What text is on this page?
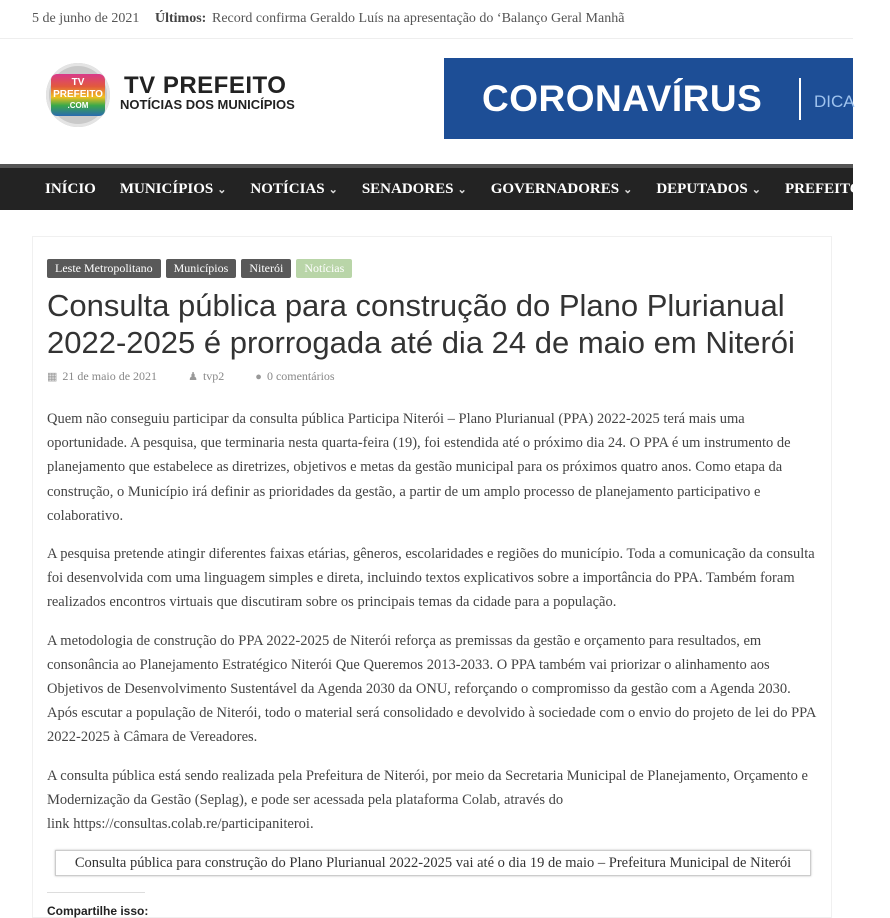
5 de junho de 2021 Últimos: Record confirma Geraldo Luís na apresentação do ‘Balanço Geral Manhã
TV
PREFEITO
.COM
TV PREFEITO
NOTÍCIAS DOS MUNICÍPIOS	CORONAVÍRUS	DICA
INÍCIO MUNICÍPIOS ⌄ NOTÍCIAS ⌄ SENADORES ⌄ GOVERNADORES ⌄ DEPUTADOS ⌄ PREFEITOS
Leste Metropolitano Municípios Niterói Notícias
Consulta pública para construção do Plano Plurianual 2022-2025 é prorrogada até dia 24 de maio em Niterói
▦ 21 de maio de 2021	♟ tvp2	● 0 comentários

Quem não conseguiu participar da consulta pública Participa Niterói – Plano Plurianual (PPA) 2022-2025 terá mais uma oportunidade. A pesquisa, que terminaria nesta quarta-feira (19), foi estendida até o próximo dia 24. O PPA é um instrumento de planejamento que estabelece as diretrizes, objetivos e metas da gestão municipal para os próximos quatro anos. Como etapa da construção, o Município irá definir as prioridades da gestão, a partir de um amplo processo de planejamento participativo e colaborativo.

A pesquisa pretende atingir diferentes faixas etárias, gêneros, escolaridades e regiões do município. Toda a comunicação da consulta foi desenvolvida com uma linguagem simples e direta, incluindo textos explicativos sobre a importância do PPA. Também foram realizados encontros virtuais que discutiram sobre os principais temas da cidade para a população.

A metodologia de construção do PPA 2022-2025 de Niterói reforça as premissas da gestão e orçamento para resultados, em consonância ao Planejamento Estratégico Niterói Que Queremos 2013-2033. O PPA também vai priorizar o alinhamento aos Objetivos de Desenvolvimento Sustentável da Agenda 2030 da ONU, reforçando o compromisso da gestão com a Agenda 2030. Após escutar a população de Niterói, todo o material será consolidado e devolvido à sociedade com o envio do projeto de lei do PPA 2022-2025 à Câmara de Vereadores.

A consulta pública está sendo realizada pela Prefeitura de Niterói, por meio da Secretaria Municipal de Planejamento, Orçamento e Modernização da Gestão (Seplag), e pode ser acessada pela plataforma Colab, através do
link https://consultas.colab.re/participaniteroi.

Consulta pública para construção do Plano Plurianual 2022-2025 vai até o dia 19 de maio – Prefeitura Municipal de Niterói
Compartilhe isso:
